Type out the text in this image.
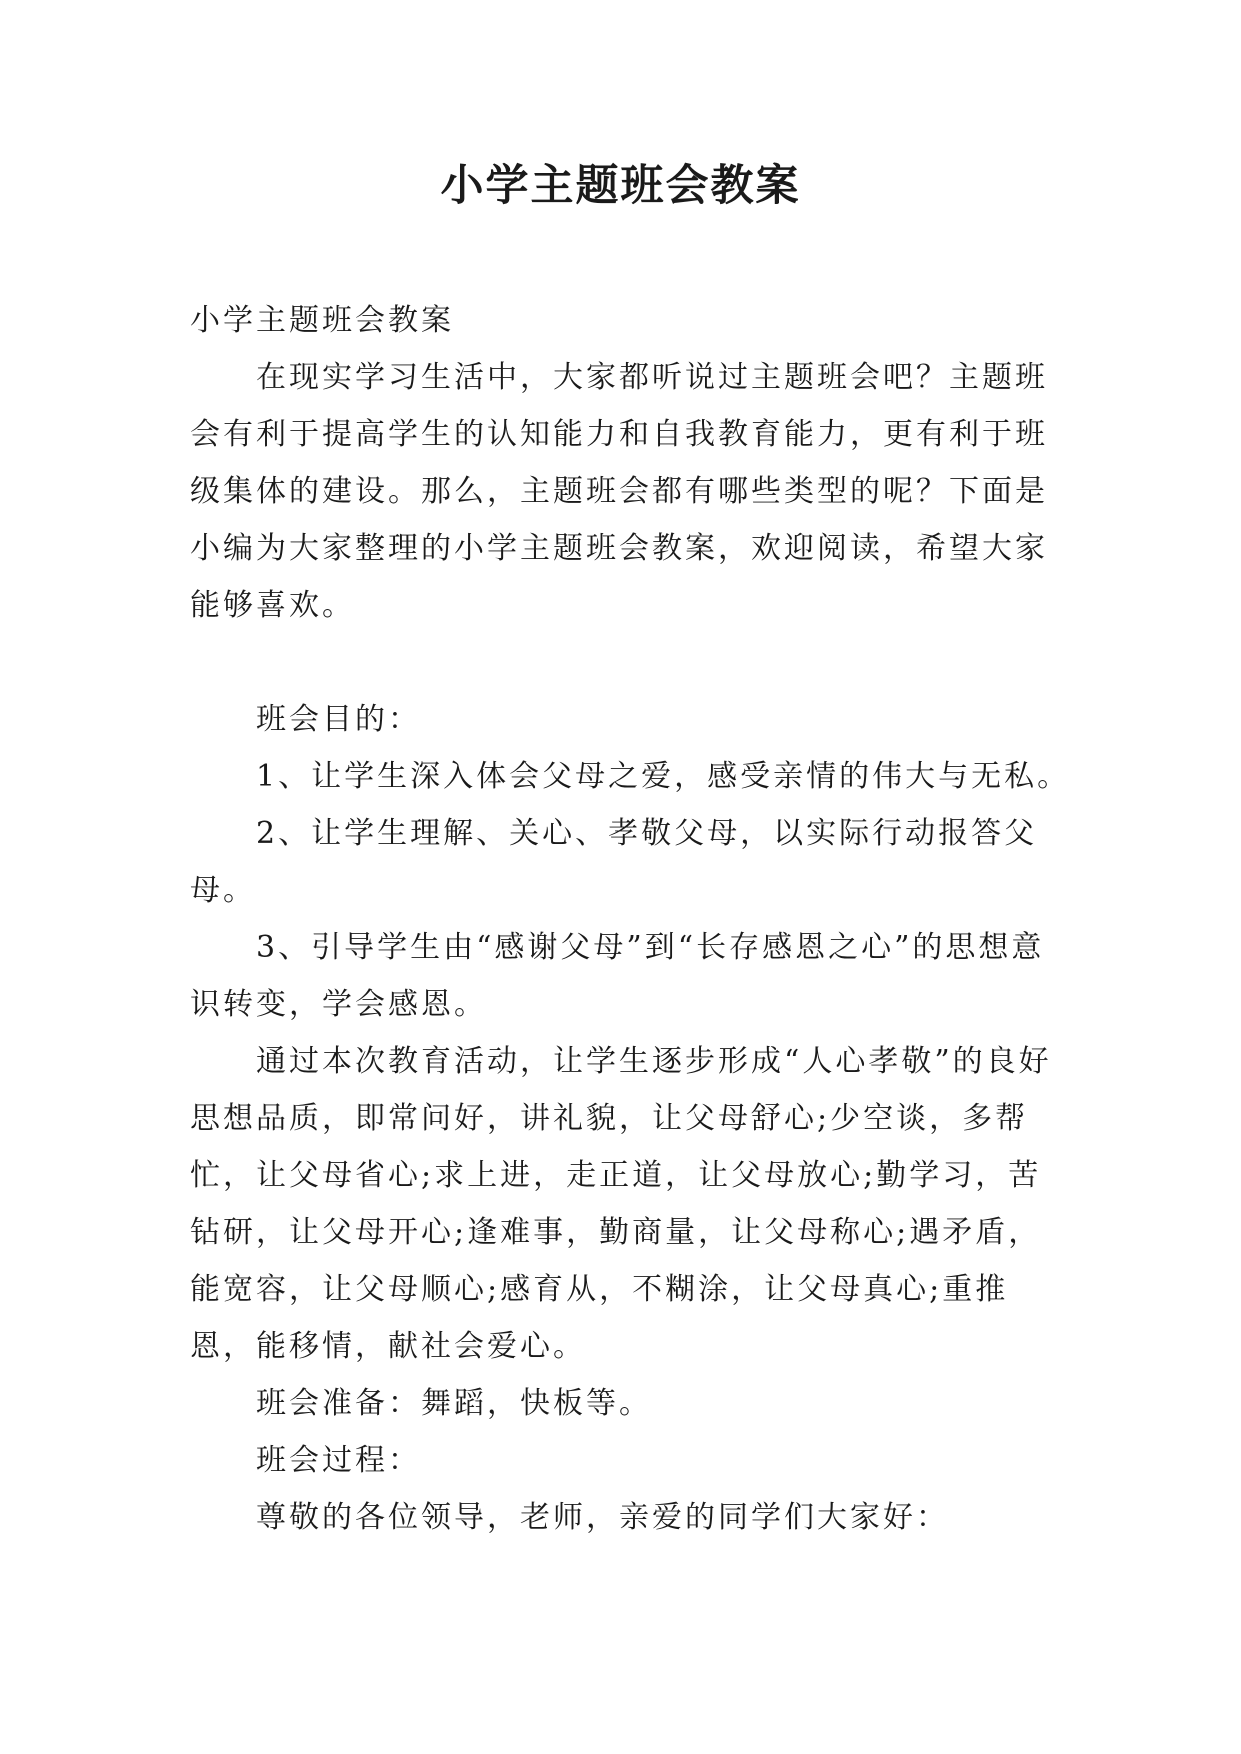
小学主题班会教案

小学主题班会教案

在现实学习生活中，大家都听说过主题班会吧？主题班会有利于提高学生的认知能力和自我教育能力，更有利于班级集体的建设。那么，主题班会都有哪些类型的呢？下面是小编为大家整理的小学主题班会教案，欢迎阅读，希望大家能够喜欢。

班会目的：

1、让学生深入体会父母之爱，感受亲情的伟大与无私。

2、让学生理解、关心、孝敬父母，以实际行动报答父母。

3、引导学生由“感谢父母”到“长存感恩之心”的思想意识转变，学会感恩。

通过本次教育活动，让学生逐步形成“人心孝敬”的良好思想品质，即常问好，讲礼貌，让父母舒心;少空谈，多帮忙，让父母省心;求上进，走正道，让父母放心;勤学习，苦钻研，让父母开心;逢难事，勤商量，让父母称心;遇矛盾，能宽容，让父母顺心;感育从，不糊涂，让父母真心;重推恩，能移情，献社会爱心。

班会准备：舞蹈，快板等。

班会过程：

尊敬的各位领导，老师，亲爱的同学们大家好：
